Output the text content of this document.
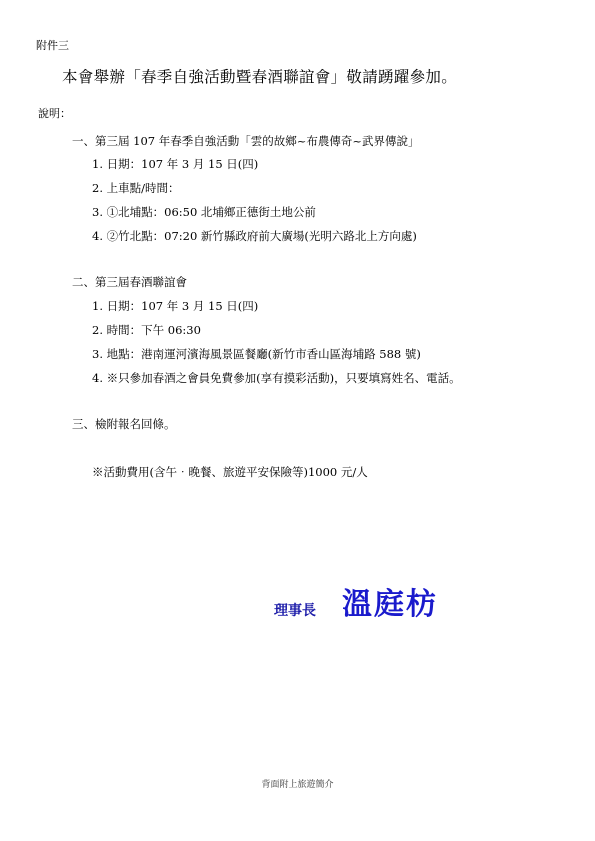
附件三
本會舉辦「春季自強活動暨春酒聯誼會」敬請踴躍參加。
說明：
一、第三屆 107 年春季自強活動「雲的故鄉~布農傳奇~武界傳說」
1. 日期：107 年 3 月 15 日(四)
2. 上車點/時間：
3. ①北埔點：06:50 北埔鄉正德街土地公前
4. ②竹北點：07:20 新竹縣政府前大廣場(光明六路北上方向處)
二、第三屆春酒聯誼會
1. 日期：107 年 3 月 15 日(四)
2. 時間：下午 06:30
3. 地點：港南運河濱海風景區餐廳(新竹市香山區海埔路 588 號)
4. ※只參加春酒之會員免費參加(享有摸彩活動)，只要填寫姓名、電話。
三、檢附報名回條。
※活動費用(含午‧晚餐、旅遊平安保險等)1000 元/人
理事長 溫庭枋
背面附上旅遊簡介
